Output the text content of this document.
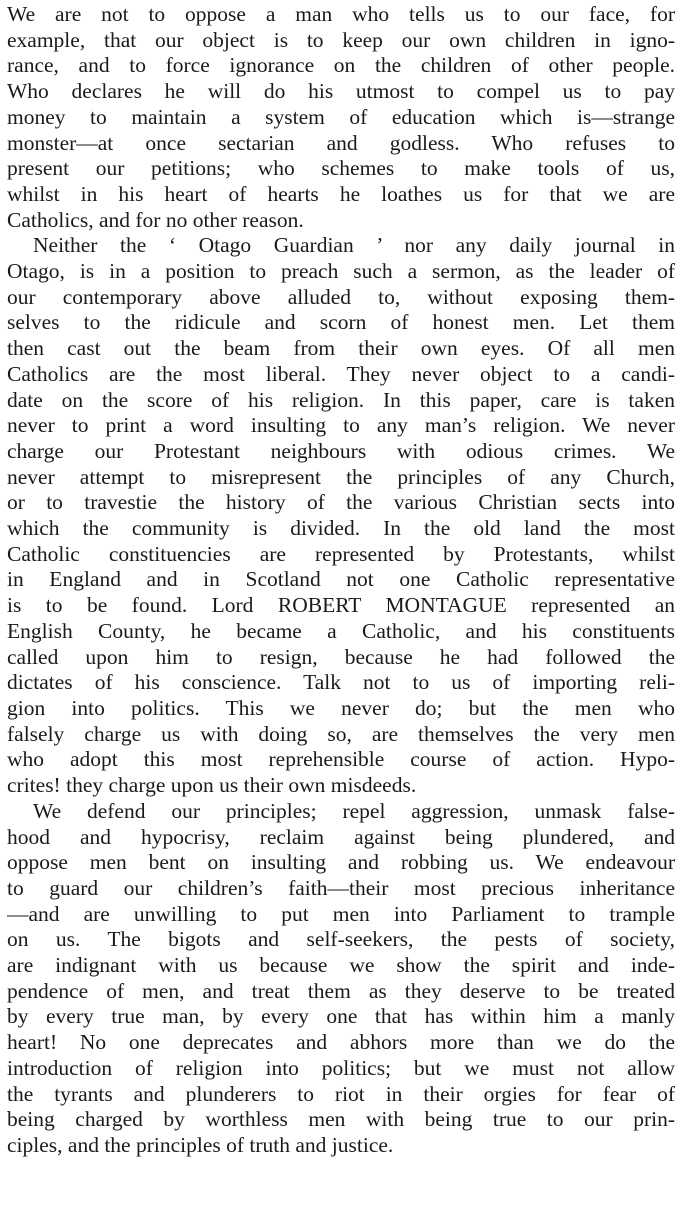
We are not to oppose a man who tells us to our face, for
example, that our object is to keep our own children in igno-
rance, and to force ignorance on the children of other people.
Who declares he will do his utmost to compel us to pay
money to maintain a system of education which is—strange
monster—at once sectarian and godless. Who refuses to
present our petitions; who schemes to make tools of us,
whilst in his heart of hearts he loathes us for that we are
Catholics, and for no other reason.
Neither the ‘ Otago Guardian ’ nor any daily journal in
Otago, is in a position to preach such a sermon, as the leader of
our contemporary above alluded to, without exposing them-
selves to the ridicule and scorn of honest men. Let them
then cast out the beam from their own eyes. Of all men
Catholics are the most liberal. They never object to a candi-
date on the score of his religion. In this paper, care is taken
never to print a word insulting to any man’s religion. We never
charge our Protestant neighbours with odious crimes. We
never attempt to misrepresent the principles of any Church,
or to travestie the history of the various Christian sects into
which the community is divided. In the old land the most
Catholic constituencies are represented by Protestants, whilst
in England and in Scotland not one Catholic representative
is to be found. Lord ROBERT MONTAGUE represented an
English County, he became a Catholic, and his constituents
called upon him to resign, because he had followed the
dictates of his conscience. Talk not to us of importing reli-
gion into politics. This we never do; but the men who
falsely charge us with doing so, are themselves the very men
who adopt this most reprehensible course of action. Hypo-
crites! they charge upon us their own misdeeds.
We defend our principles; repel aggression, unmask false-
hood and hypocrisy, reclaim against being plundered, and
oppose men bent on insulting and robbing us. We endeavour
to guard our children’s faith—their most precious inheritance
—and are unwilling to put men into Parliament to trample
on us. The bigots and self-seekers, the pests of society,
are indignant with us because we show the spirit and inde-
pendence of men, and treat them as they deserve to be treated
by every true man, by every one that has within him a manly
heart! No one deprecates and abhors more than we do the
introduction of religion into politics; but we must not allow
the tyrants and plunderers to riot in their orgies for fear of
being charged by worthless men with being true to our prin-
ciples, and the principles of truth and justice.
